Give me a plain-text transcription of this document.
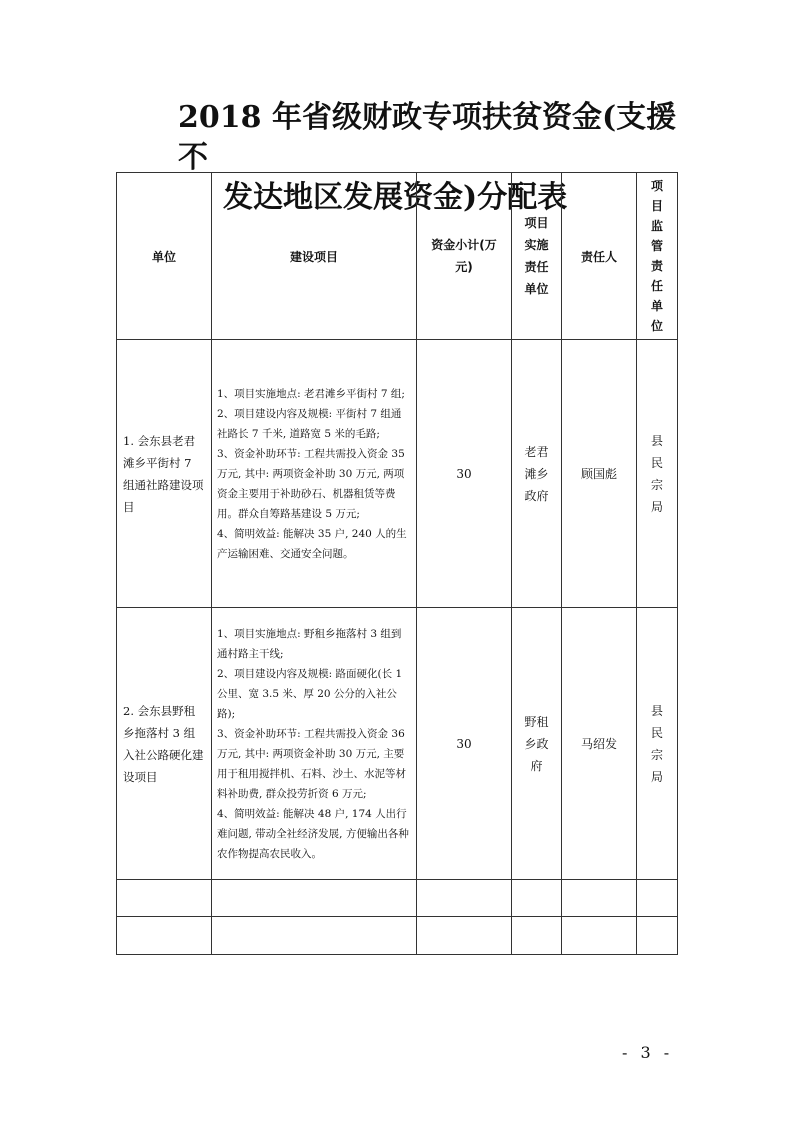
2018 年省级财政专项扶贫资金(支援不
发达地区发展资金)分配表
单位	建设项目	资金小计(万元)	项目实施责任单位	责任人	项目监管责任单位
1. 会东县老君滩乡平街村 7 组通社路建设项目	1、项目实施地点: 老君滩乡平街村 7 组;
2、项目建设内容及规模: 平街村 7 组通社路长 7 千米, 道路宽 5 米的毛路;
3、资金补助环节: 工程共需投入资金 35 万元, 其中: 两项资金补助 30 万元, 两项资金主要用于补助砂石、机器租赁等费用。群众自筹路基建设 5 万元;
4、简明效益: 能解决 35 户, 240 人的生产运输困难、交通安全问题。	30	老君滩乡政府	顾国彪	县民宗局
2. 会东县野租乡拖落村 3 组入社公路硬化建设项目	1、项目实施地点: 野租乡拖落村 3 组到通村路主干线;
2、项目建设内容及规模: 路面硬化(长 1 公里、宽 3.5 米、厚 20 公分的入社公路);
3、资金补助环节: 工程共需投入资金 36 万元, 其中: 两项资金补助 30 万元, 主要用于租用搅拌机、石料、沙土、水泥等材料补助费, 群众投劳折资 6 万元;
4、简明效益: 能解决 48 户, 174 人出行难问题, 带动全社经济发展, 方便输出各种农作物提高农民收入。	30	野租乡政府	马绍发	县民宗局

- 3 -
